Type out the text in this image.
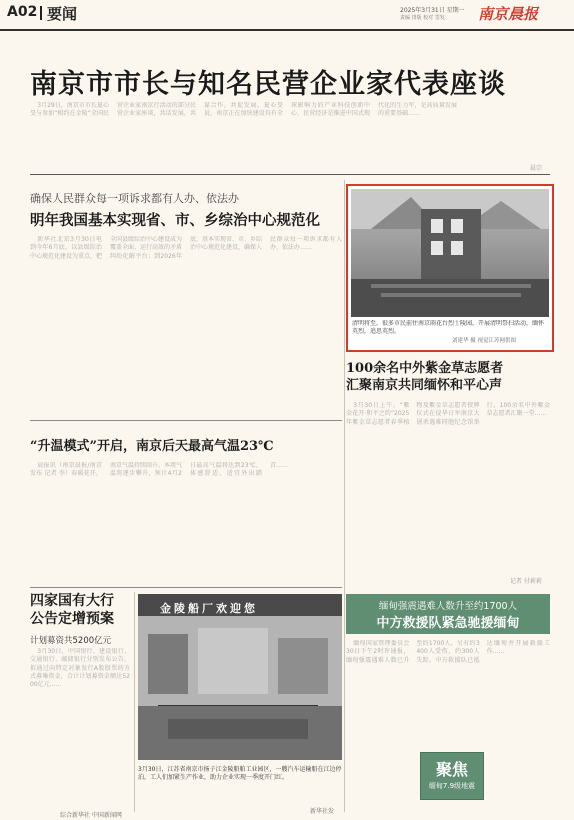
A02 要闻	2025年3月31日 星期一
责编 排版 校对 签发 南京晨报
南京市市长与知名民营企业家代表座谈

3月29日，南京市市长夏心旻与参加“相约在金陵”全国民营企业家南京行活动的部分民营企业家座谈，共话发展，共谋合作，共促发展。夏心旻说，南京正在加快建设具有全球影响力的产业科技创新中心，民营经济是推进中国式现代化的生力军，是高质量发展的重要基础……

晨宗
确保人民群众每一项诉求都有人办、依法办
明年我国基本实现省、市、乡综治中心规范化

新华社北京3月30日电 到今年6月底，以县级综治中心规范化建设为重点，把全国县级综治中心建设成为覆盖全面、运行高效的矛盾纠纷化解平台；到2026年底，基本实现省、市、乡综治中心规范化建设，确保人民群众每一项诉求都有人办、依法办……

“升温模式”开启，南京后天最高气温23℃

晨报讯（南京晨报/南京发布 记者 李）春暖花开，南京气温持续回升。本周气温将逐步攀升，预计4月2日最高气温将达到23℃，体感舒适，适宜外出踏青……

清明将至，很多市民前往南京雨花台烈士陵园，开展清明祭扫活动，缅怀英烈，追思英烈。
刘建华 摄 视觉江苏网供图
100余名中外紫金草志愿者
汇聚南京共同缅怀和平心声

3月30日上午，“紫金花开·和平之约”2025年紫金草志愿者春季植物及紫金草志愿者授牌仪式在侵华日军南京大屠杀遇难同胞纪念馆举行。100余名中外紫金草志愿者汇聚一堂……

记者 付莉莉
四家国有大行
公告定增预案
计划募资共5200亿元

3月30日，中国银行、建设银行、交通银行、邮储银行分别发布公告，拟通过向特定对象发行A股股票的方式募集资金，合计计划募资金额达5200亿元……

综合新华社 中国新闻网
金陵船厂欢迎您
3月30日，江苏省南京市扬子江金陵船舶工业园区，一艘汽车运输船在江边停泊，工人们加紧生产作业，助力企业实现一季度开门红。
新华社发
缅甸强震遇难人数升至约1700人
中方救援队紧急驰援缅甸

缅甸国家管理委员会30日下午2时许通报，缅甸强震遇难人数已升至约1700人，另有约3400人受伤，约300人失踪。中方救援队已抵达缅甸并开展救援工作……

聚焦
缅甸7.9级地震
